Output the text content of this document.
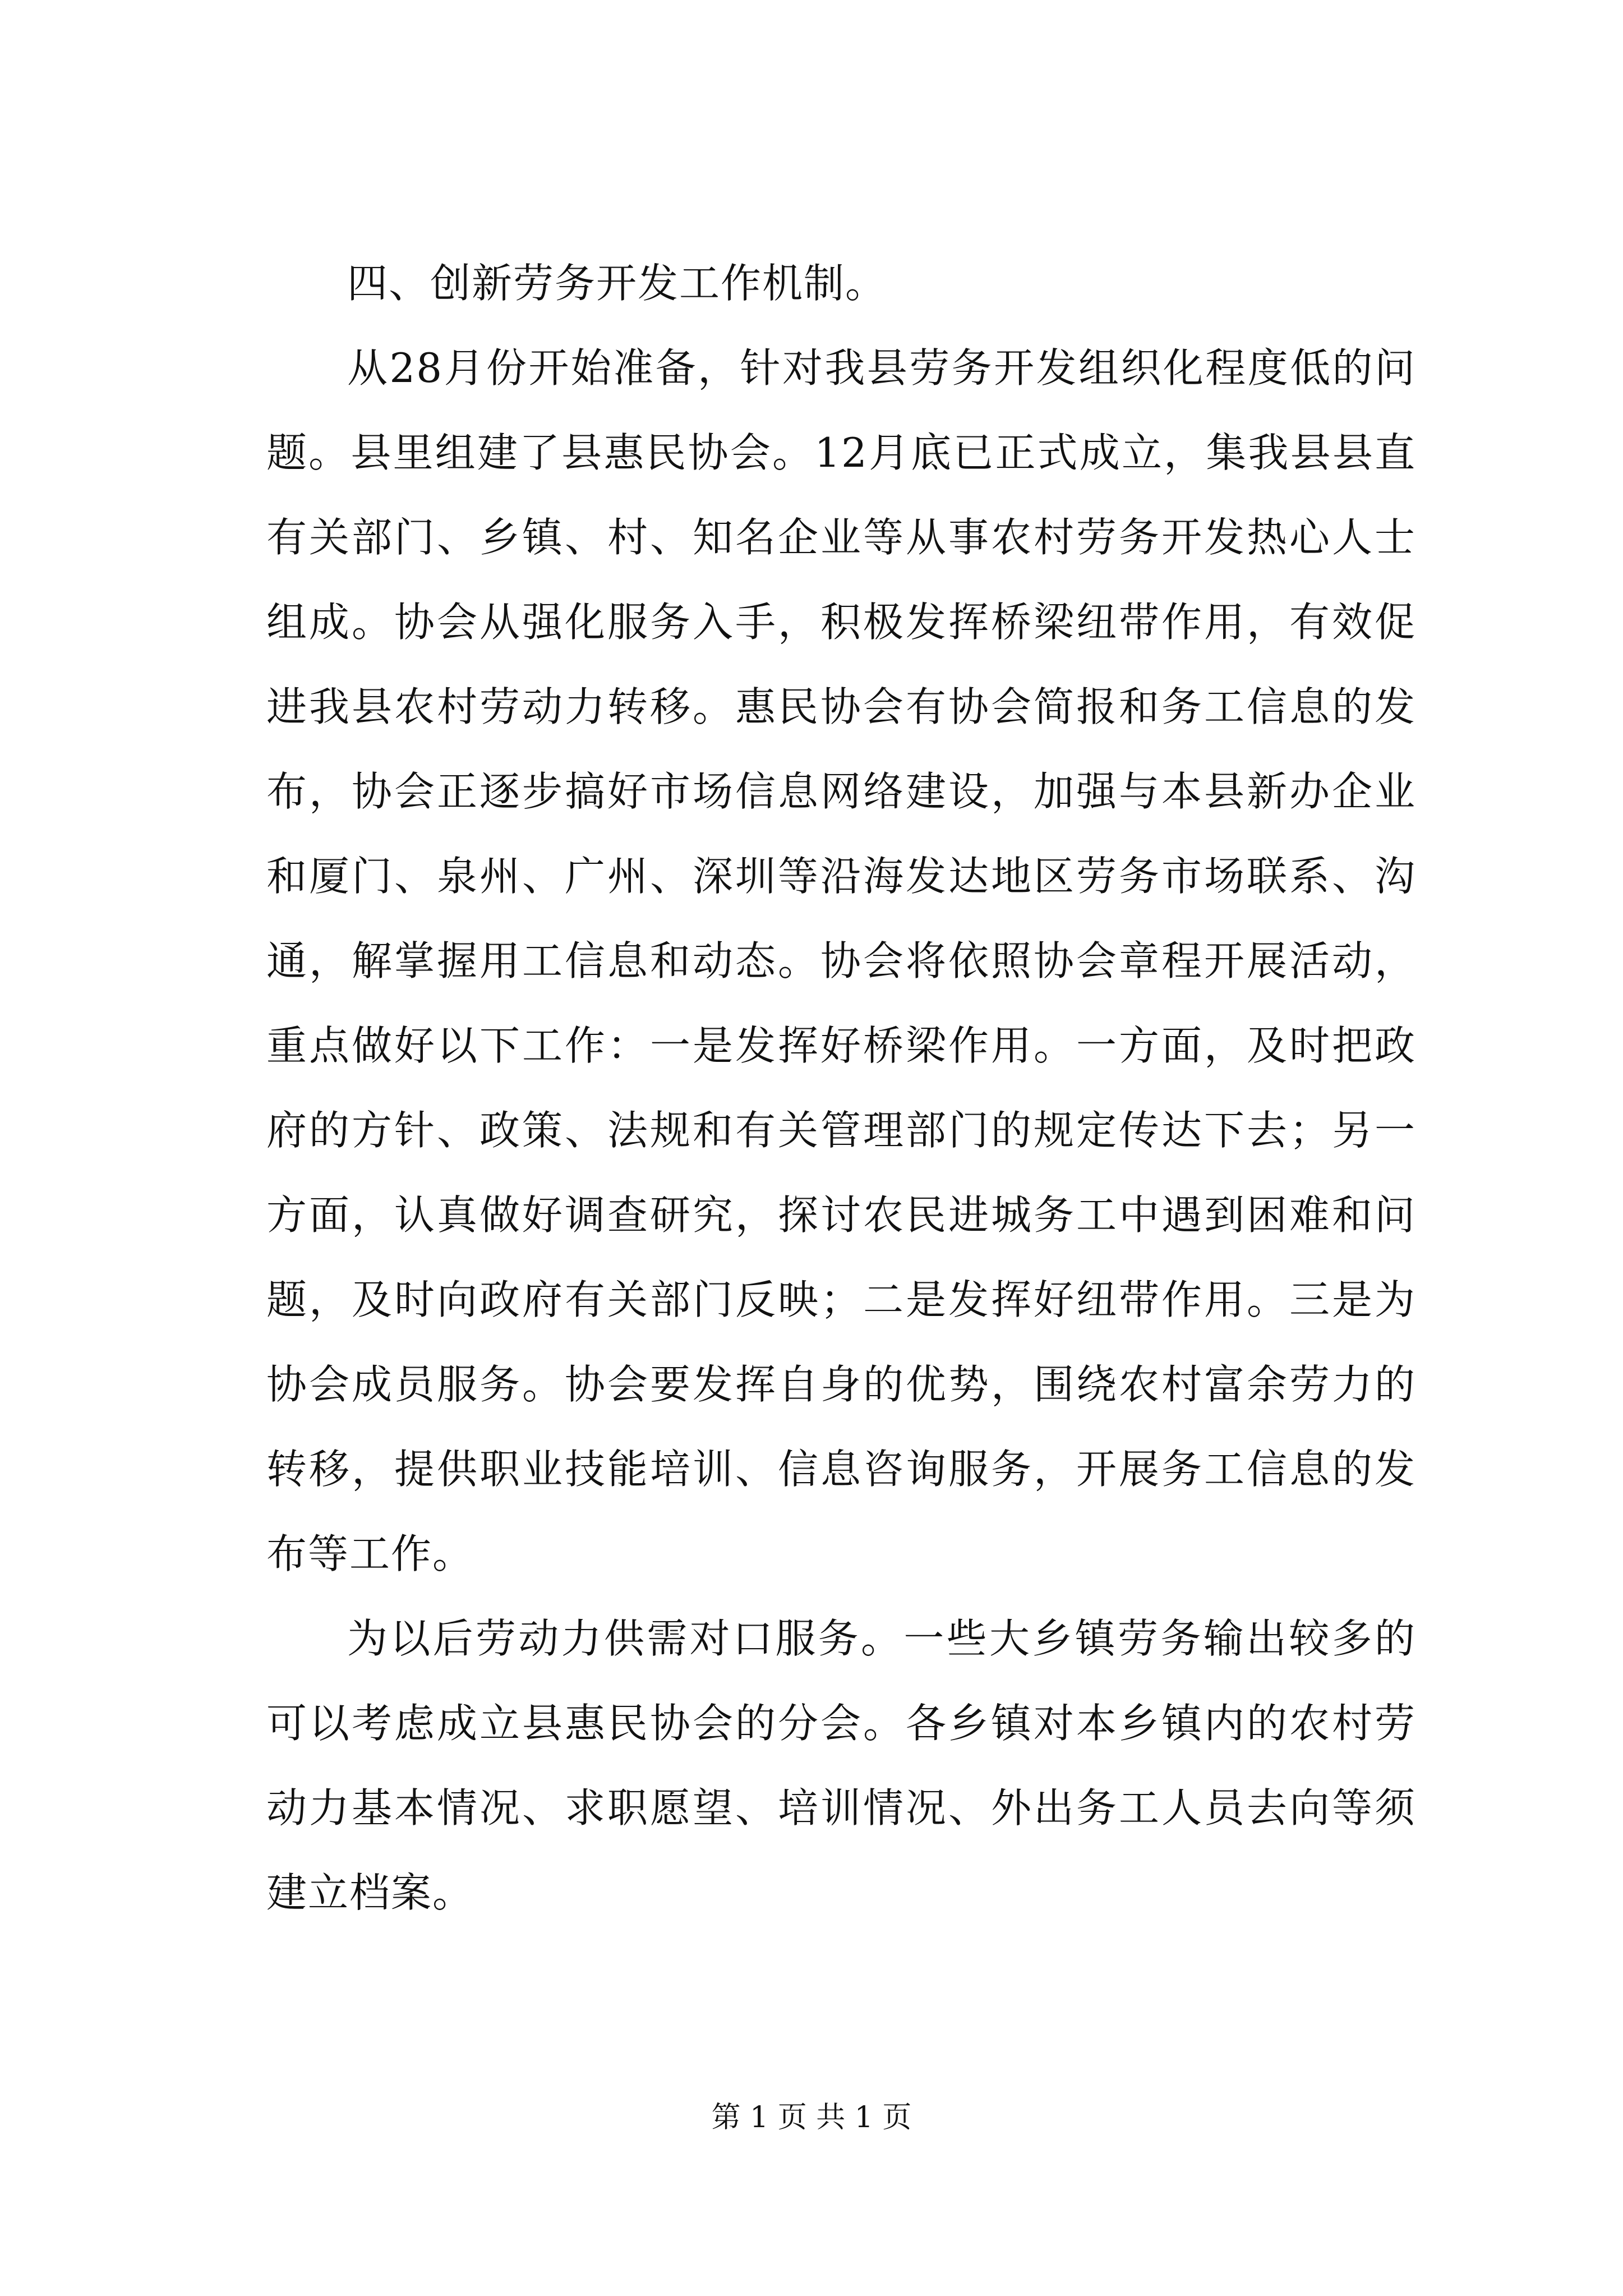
四、创新劳务开发工作机制。

从28月份开始准备，针对我县劳务开发组织化程度低的问题。县里组建了县惠民协会。12月底已正式成立，集我县县直有关部门、乡镇、村、知名企业等从事农村劳务开发热心人士组成。协会从强化服务入手，积极发挥桥梁纽带作用，有效促进我县农村劳动力转移。惠民协会有协会简报和务工信息的发布，协会正逐步搞好市场信息网络建设，加强与本县新办企业和厦门、泉州、广州、深圳等沿海发达地区劳务市场联系、沟通，解掌握用工信息和动态。协会将依照协会章程开展活动，重点做好以下工作：一是发挥好桥梁作用。一方面，及时把政府的方针、政策、法规和有关管理部门的规定传达下去；另一方面，认真做好调查研究，探讨农民进城务工中遇到困难和问题，及时向政府有关部门反映；二是发挥好纽带作用。三是为协会成员服务。协会要发挥自身的优势，围绕农村富余劳力的转移，提供职业技能培训、信息咨询服务，开展务工信息的发布等工作。

为以后劳动力供需对口服务。一些大乡镇劳务输出较多的可以考虑成立县惠民协会的分会。各乡镇对本乡镇内的农村劳动力基本情况、求职愿望、培训情况、外出务工人员去向等须建立档案。

第 1 页 共 1 页
